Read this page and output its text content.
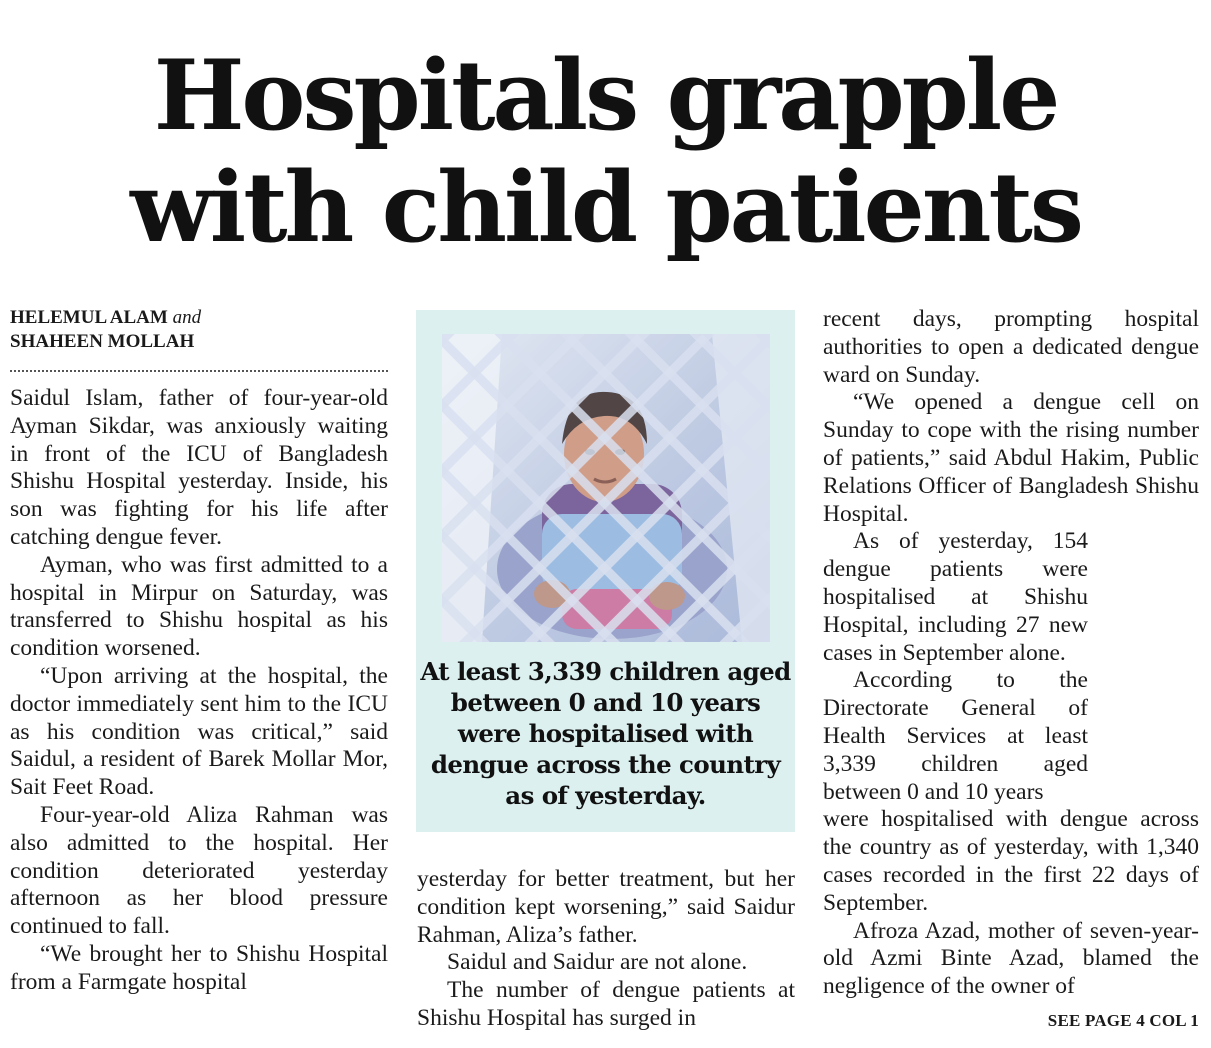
Hospitals grapple
with child patients
HELEMUL ALAM and
SHAHEEN MOLLAH

Saidul Islam, father of four-year-old Ayman Sikdar, was anxiously waiting in front of the ICU of Bangladesh Shishu Hospital yesterday. Inside, his son was fighting for his life after catching dengue fever.

Ayman, who was first admitted to a hospital in Mirpur on Saturday, was transferred to Shishu hospital as his condition worsened.

“Upon arriving at the hospital, the doctor immediately sent him to the ICU as his condition was critical,” said Saidul, a resident of Barek Mollar Mor, Sait Feet Road.

Four-year-old Aliza Rahman was also admitted to the hospital. Her condition deteriorated yesterday afternoon as her blood pressure continued to fall.

“We brought her to Shishu Hospital from a Farmgate hospital

At least 3,339 children aged between 0 and 10 years were hospitalised with dengue across the country as of yesterday.

yesterday for better treatment, but her condition kept worsening,” said Saidur Rahman, Aliza’s father.

Saidul and Saidur are not alone.

The number of dengue patients at Shishu Hospital has surged in

recent days, prompting hospital authorities to open a dedicated dengue ward on Sunday.

“We opened a dengue cell on Sunday to cope with the rising number of patients,” said Abdul Hakim, Public Relations Officer of Bangladesh Shishu Hospital.

As of yesterday, 154 dengue patients were hospitalised at Shishu Hospital, including 27 new cases in September alone.

According to the Directorate General of Health Services at least 3,339 children aged between 0 and 10 years

were hospitalised with dengue across the country as of yesterday, with 1,340 cases recorded in the first 22 days of September.

Afroza Azad, mother of seven-year-old Azmi Binte Azad, blamed the negligence of the owner of

SEE PAGE 4 COL 1
